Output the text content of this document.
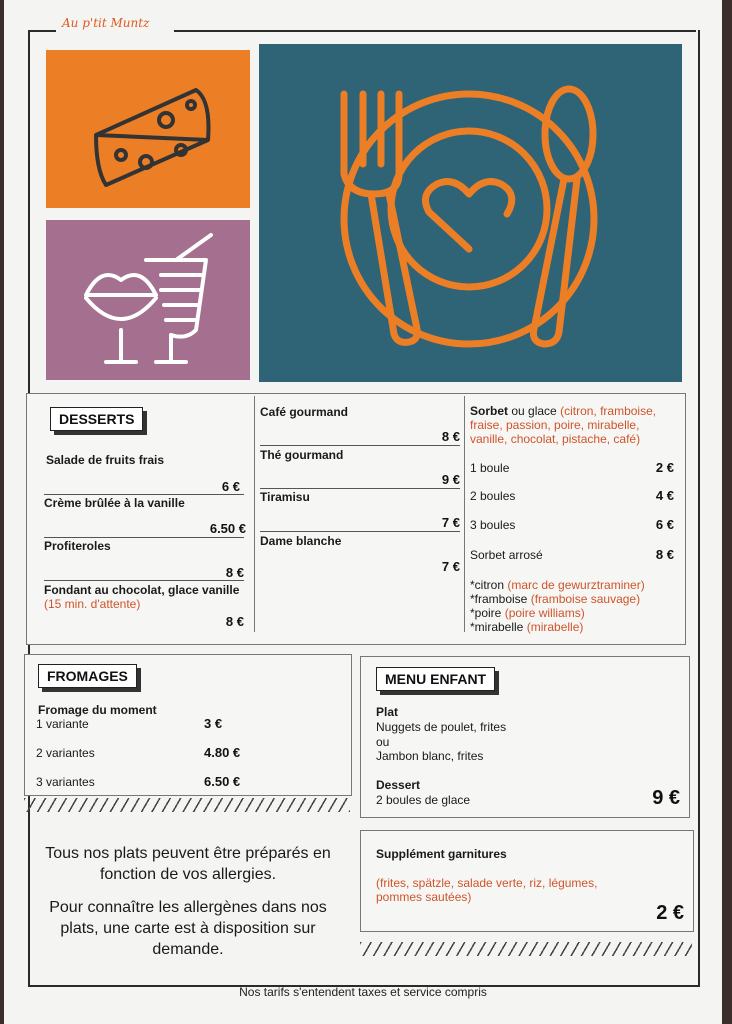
Au p'tit Muntz
DESSERTS
Salade de fruits frais
6 €
Crème brûlée à la vanille
6.50 €
Profiteroles
8 €
Fondant au chocolat, glace vanille
(15 min. d'attente)
8 €
Café gourmand
8 €
Thé gourmand
9 €
Tiramisu
7 €
Dame blanche
7 €
Sorbet ou glace (citron, framboise,
fraise, passion, poire, mirabelle,
vanille, chocolat, pistache, café)
1 boule	2 €
2 boules	4 €
3 boules	6 €
Sorbet arrosé	8 €
*citron (marc de gewurztraminer)
*framboise (framboise sauvage)
*poire (poire williams)
*mirabelle (mirabelle)
FROMAGES
Fromage du moment
1 variante	3 €
2 variantes	4.80 €
3 variantes	6.50 €
MENU ENFANT
Plat
Nuggets de poulet, frites
ou
Jambon blanc, frites
Dessert
2 boules de glace	9 €
Supplément garnitures
(frites, spätzle, salade verte, riz, légumes,
pommes sautées)
2 €
Tous nos plats peuvent être préparés en
fonction de vos allergies.
Pour connaître les allergènes dans nos
plats, une carte est à disposition sur
demande.
Nos tarifs s'entendent taxes et service compris
